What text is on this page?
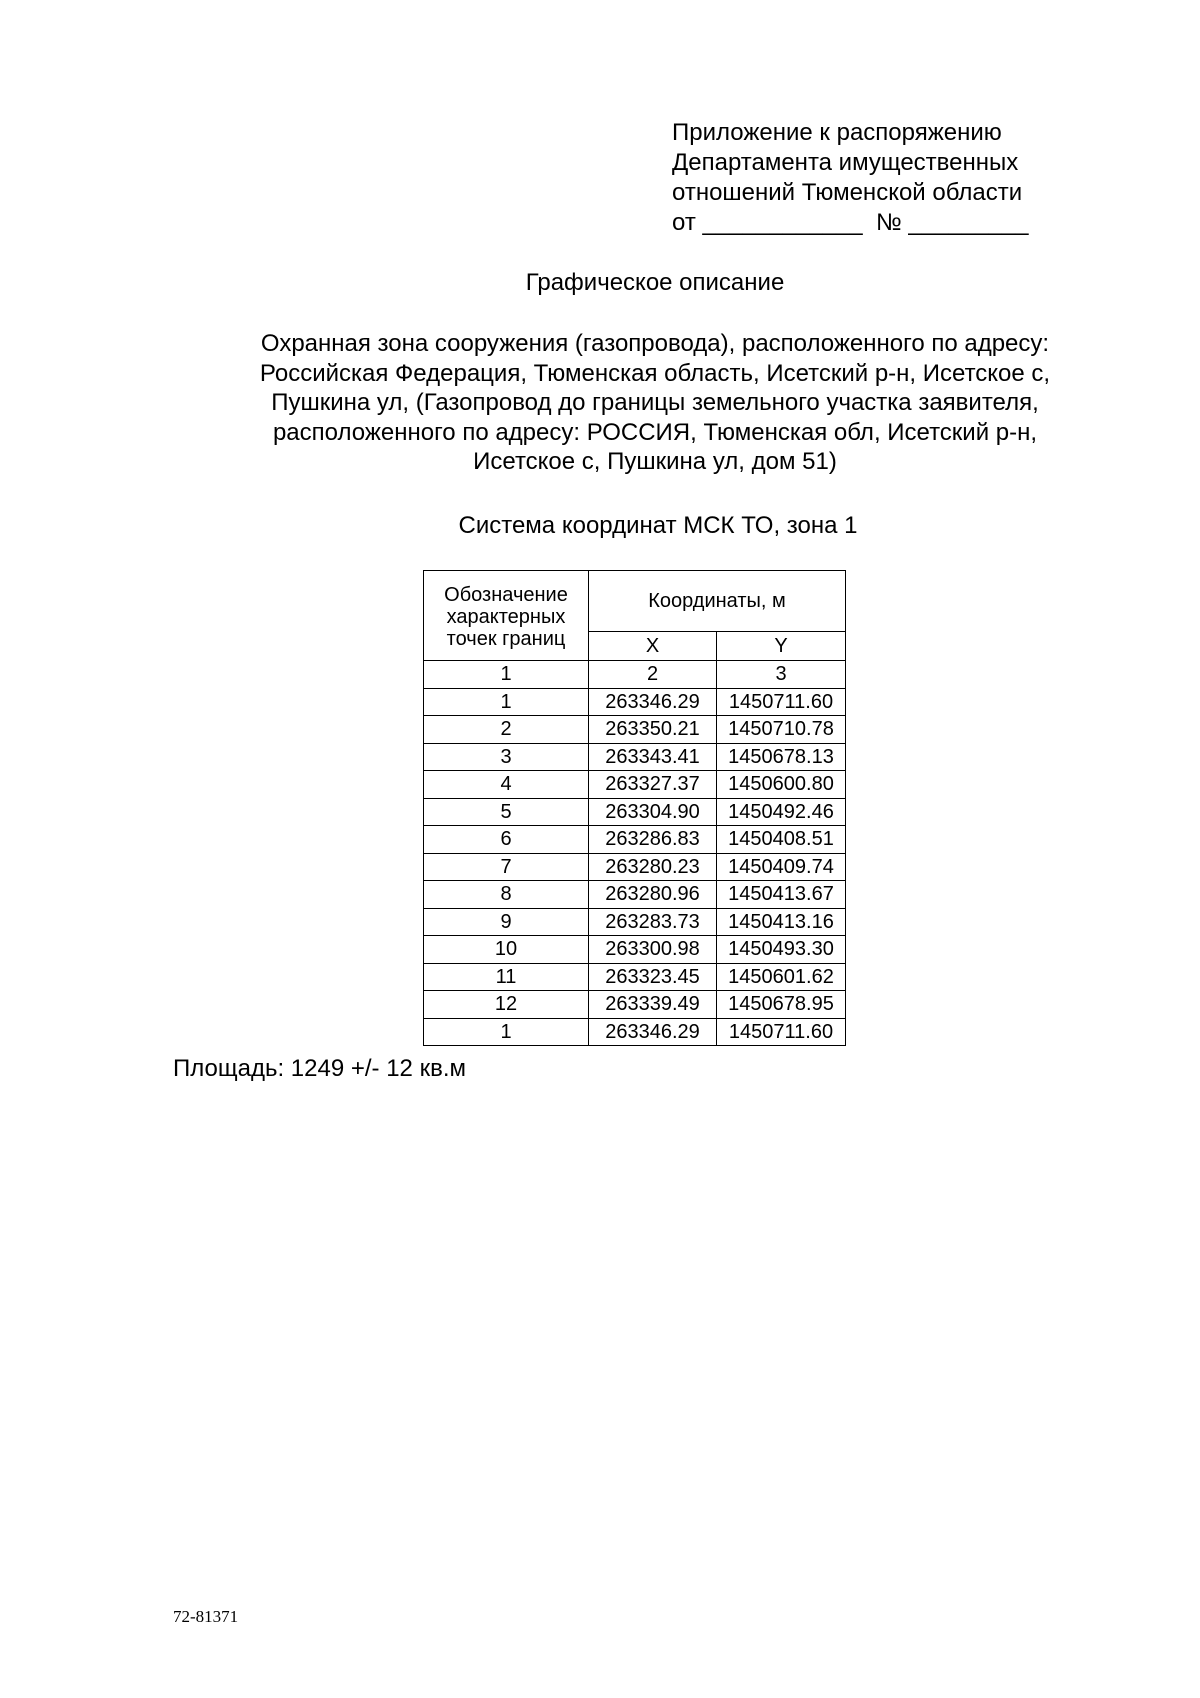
Приложение к распоряжению
Департамента имущественных
отношений Тюменской области
от ____________  № _________
Графическое описание
Охранная зона сооружения (газопровода), расположенного по адресу:
Российская Федерация, Тюменская область, Исетский р-н, Исетское с,
Пушкина ул, (Газопровод до границы земельного участка заявителя,
расположенного по адресу: РОССИЯ, Тюменская обл, Исетский р-н,
Исетское с, Пушкина ул, дом 51)
Система координат МСК ТО, зона 1
Обозначение характерных точек границ	Координаты, м	
	X	Y
1	2	3
1	263346.29	1450711.60
2	263350.21	1450710.78
3	263343.41	1450678.13
4	263327.37	1450600.80
5	263304.90	1450492.46
6	263286.83	1450408.51
7	263280.23	1450409.74
8	263280.96	1450413.67
9	263283.73	1450413.16
10	263300.98	1450493.30
11	263323.45	1450601.62
12	263339.49	1450678.95
1	263346.29	1450711.60
Площадь: 1249 +/- 12 кв.м
72-81371
